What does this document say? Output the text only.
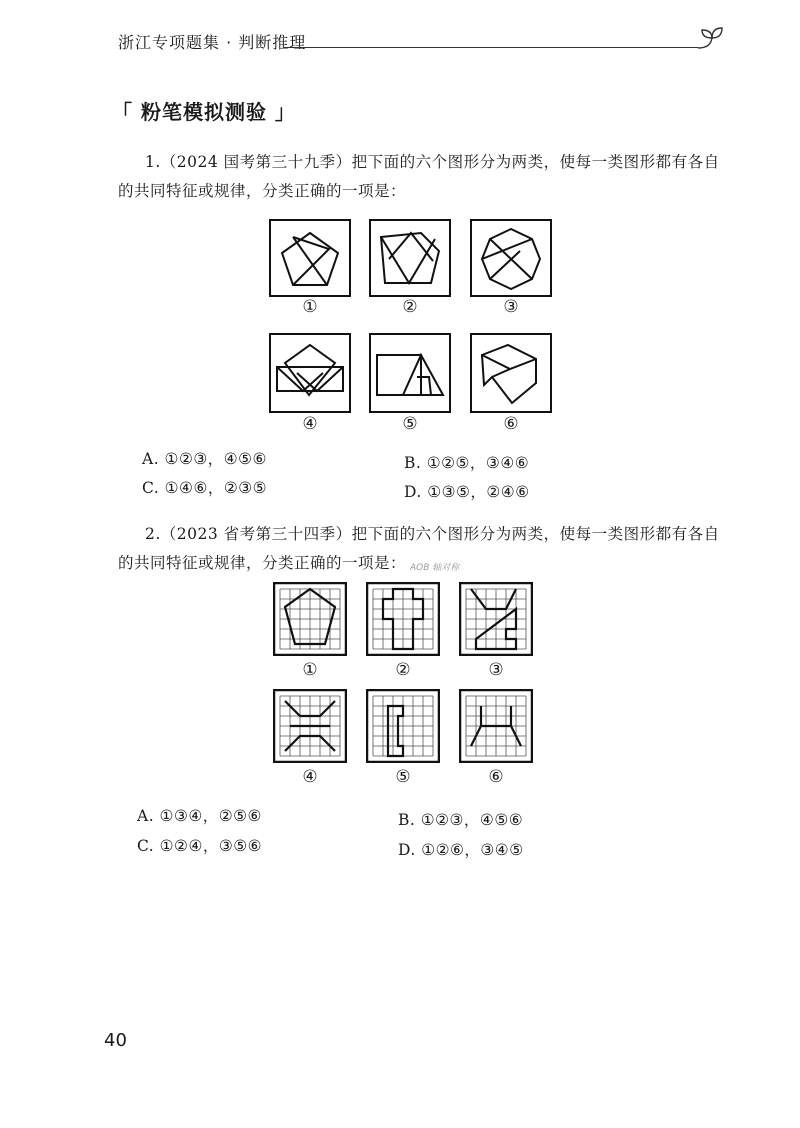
浙江专项题集 · 判断推理
「 粉笔模拟测验 」
1.（2024 国考第三十九季）把下面的六个图形分为两类，使每一类图形都有各自
的共同特征或规律，分类正确的一项是：
①	②	③
④	⑤	⑥
A. ①②③，④⑤⑥	B. ①②⑤，③④⑥
C. ①④⑥，②③⑤	D. ①③⑤，②④⑥
2.（2023 省考第三十四季）把下面的六个图形分为两类，使每一类图形都有各自
的共同特征或规律，分类正确的一项是： AOB 轴对称
①	②	③
④	⑤	⑥
A. ①③④，②⑤⑥	B. ①②③，④⑤⑥
C. ①②④，③⑤⑥	D. ①②⑥，③④⑤
40
